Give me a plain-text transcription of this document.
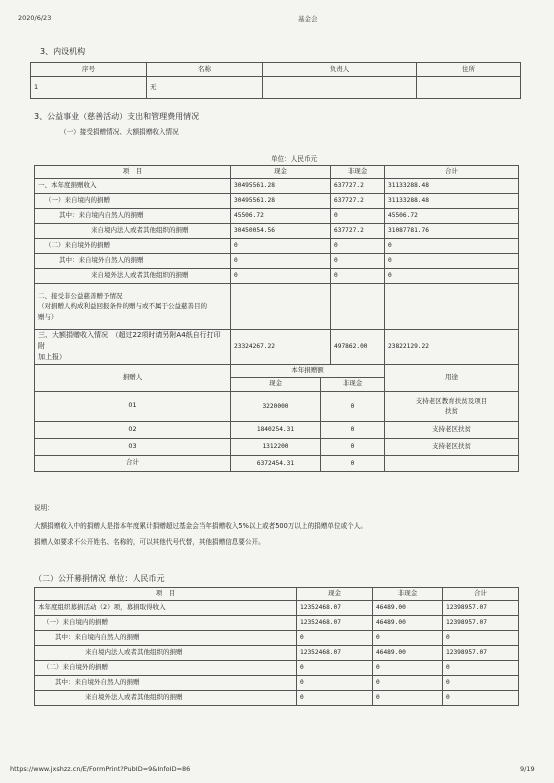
2020/6/23	基金会
3、内设机构
序号	名称	负责人	住所
1	无		
3、公益事业（慈善活动）支出和管理费用情况
（一）接受捐赠情况、大额捐赠收入情况
单位：人民币元
项　目	现金		非现金	合计
一、本年度捐赠收入	30495561.28		637727.2	31133288.48
（一）来自境内的捐赠	30495561.28		637727.2	31133288.48
其中：来自境内自然人的捐赠	45506.72		0	45506.72
来自境内法人或者其他组织的捐赠	30450054.56		637727.2	31087781.76
（二）来自境外的捐赠	0		0	0
其中：来自境外自然人的捐赠	0		0	0
来自境外法人或者其他组织的捐赠	0		0	0

二、接受非公益慈善赠予情况
（对捐赠人构成利益回报条件的赠与或不属于公益慈善目的
赠与）				

三、大额捐赠收入情况　（超过22项时请另附A4纸自行打印附
加上报）	23324267.22		497862.00	23822129.22
捐赠人	本年捐赠额			用途
	现金	非现金		
01	3220000	0		支持老区教育扶贫及项目
扶贫

02	1840254.31	0		支持老区扶贫
03	1312200	0		支持老区扶贫
合计	6372454.31	0		
说明：
大额捐赠收入中的捐赠人是指本年度累计捐赠超过基金会当年捐赠收入5%以上或者500万以上的捐赠单位或个人。
捐赠人如要求不公开姓名、名称的，可以其他代号代替，其他捐赠信息要公开。
（二）公开募捐情况 单位：人民币元
项　目	现金	非现金	合计
本年度组织募捐活动（2）项，募捐取得收入	12352468.07	46489.00	12398957.07
（一）来自境内的捐赠	12352468.07	46489.00	12398957.07
其中：来自境内自然人的捐赠	0	0	0
来自境内法人或者其他组织的捐赠	12352468.07	46489.00	12398957.07
（二）来自境外的捐赠	0	0	0
其中：来自境外自然人的捐赠	0	0	0
来自境外法人或者其他组织的捐赠	0	0	0
https://www.jxshzz.cn/E/FormPrint?PubID=9&InfoID=86	9/19
